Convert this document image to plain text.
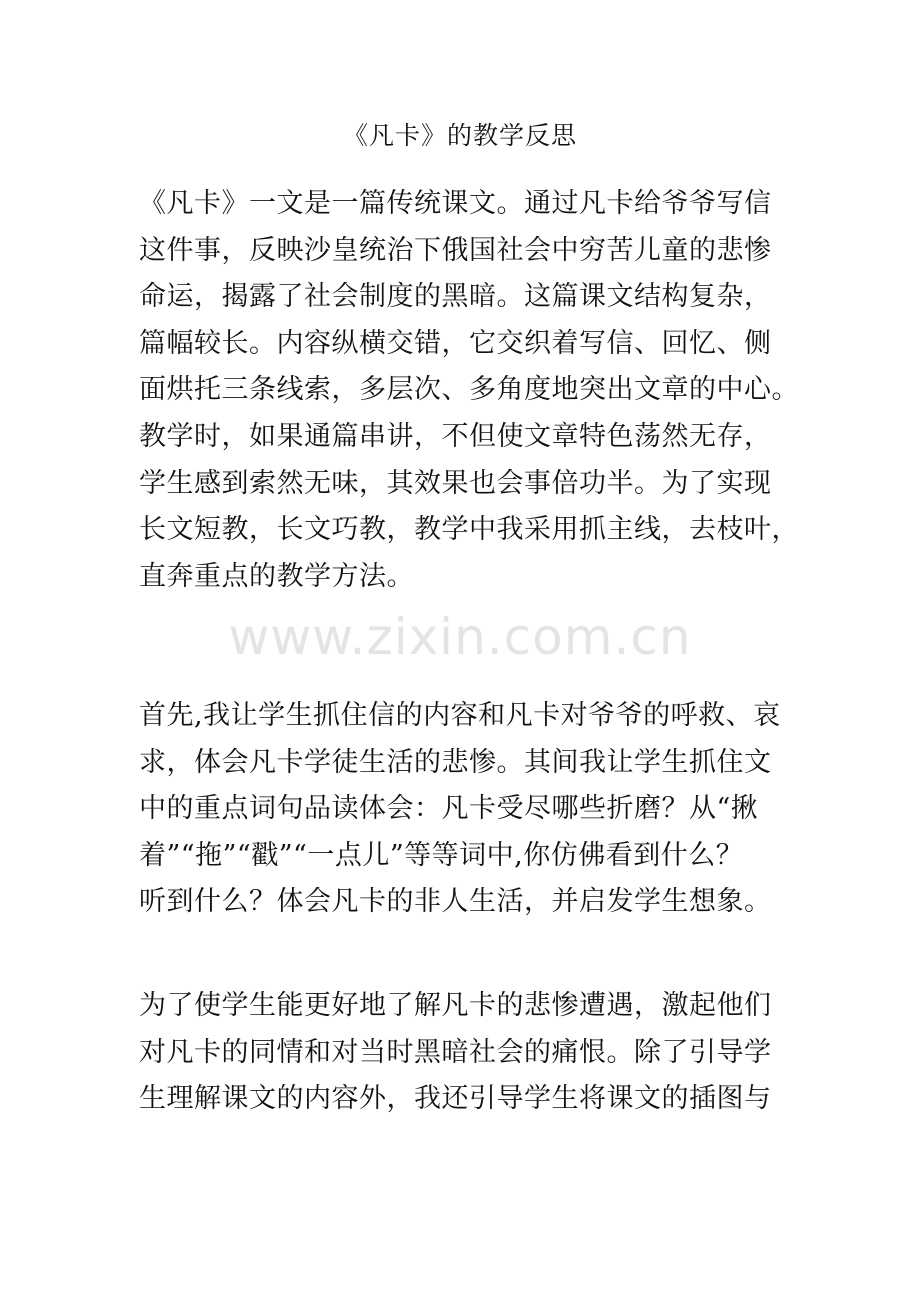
《凡卡》的教学反思
《凡卡》一文是一篇传统课文。通过凡卡给爷爷写信
这件事，反映沙皇统治下俄国社会中穷苦儿童的悲惨
命运，揭露了社会制度的黑暗。这篇课文结构复杂，
篇幅较长。内容纵横交错，它交织着写信、回忆、侧
面烘托三条线索，多层次、多角度地突出文章的中心。
教学时，如果通篇串讲，不但使文章特色荡然无存，
学生感到索然无味，其效果也会事倍功半。为了实现
长文短教，长文巧教，教学中我采用抓主线，去枝叶，
直奔重点的教学方法。
www.zixin.com.cn
首先,我让学生抓住信的内容和凡卡对爷爷的呼救、哀
求，体会凡卡学徒生活的悲惨。其间我让学生抓住文
中的重点词句品读体会：凡卡受尽哪些折磨？从“揪
着”“拖”“戳”“一点儿”等等词中,你仿佛看到什么？
听到什么？体会凡卡的非人生活，并启发学生想象。
为了使学生能更好地了解凡卡的悲惨遭遇，激起他们
对凡卡的同情和对当时黑暗社会的痛恨。除了引导学
生理解课文的内容外，我还引导学生将课文的插图与
